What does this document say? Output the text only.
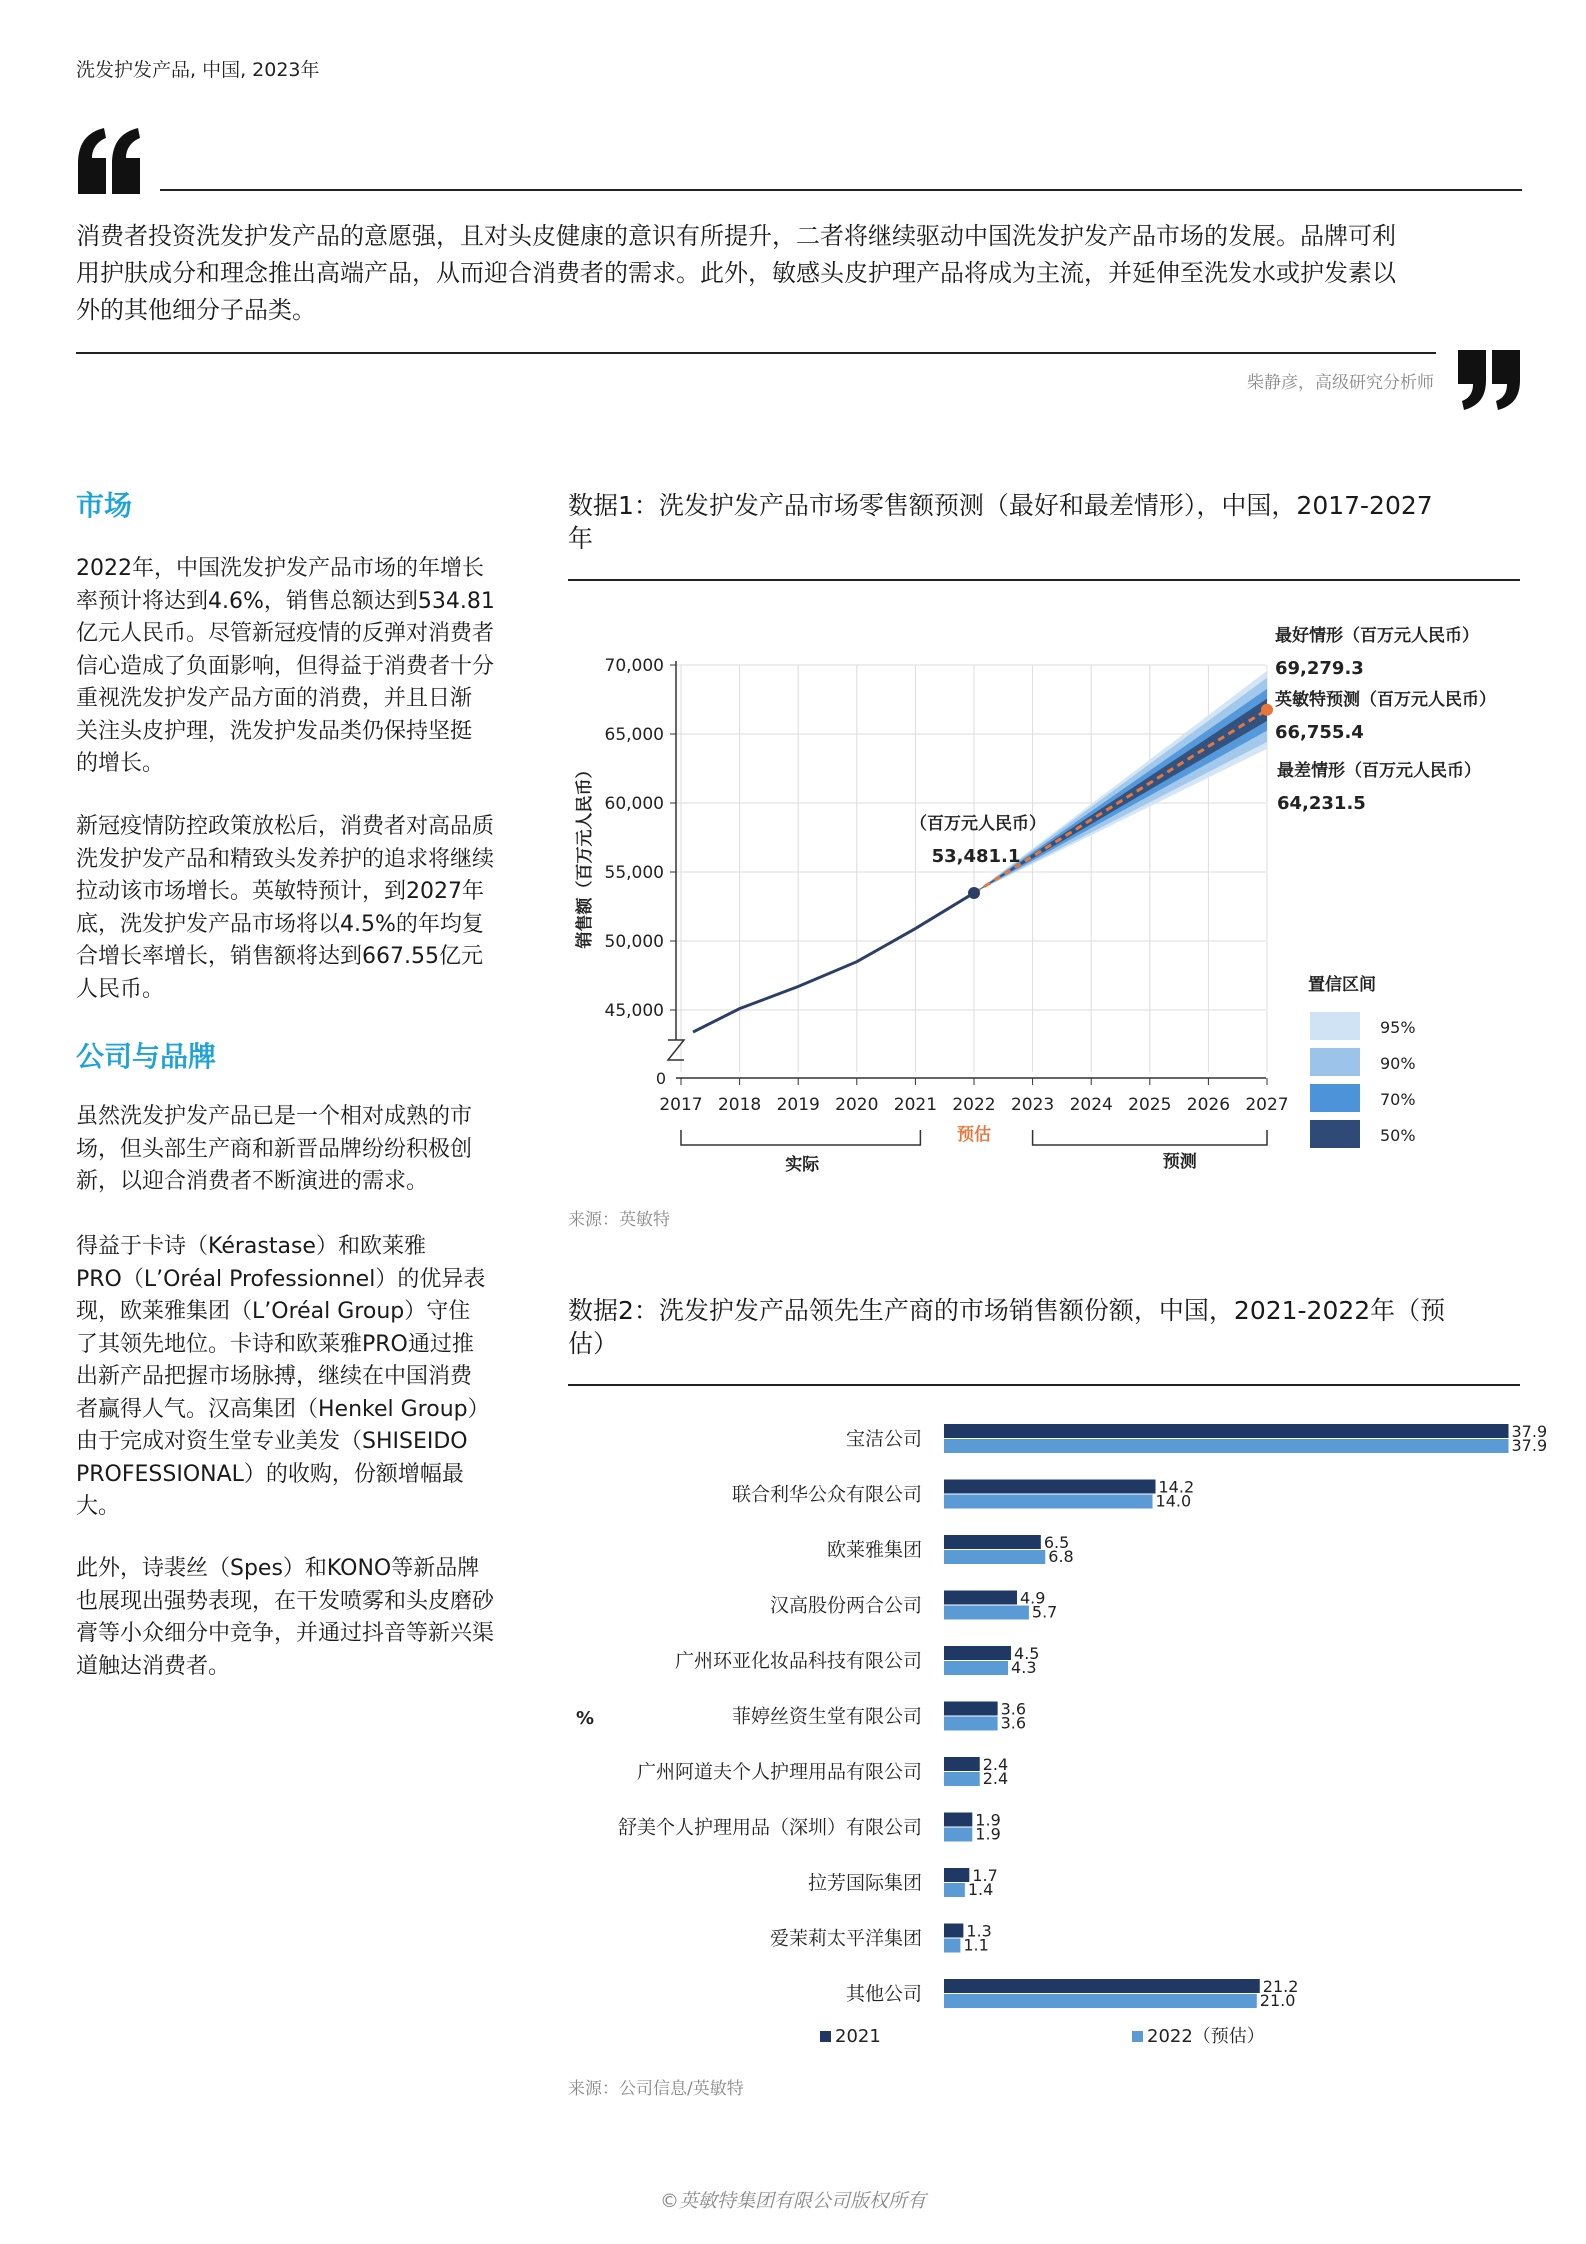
洗发护发产品, 中国, 2023年
消费者投资洗发护发产品的意愿强，且对头皮健康的意识有所提升，二者将继续驱动中国洗发护发产品市场的发展。品牌可利
用护肤成分和理念推出高端产品，从而迎合消费者的需求。此外，敏感头皮护理产品将成为主流，并延伸至洗发水或护发素以
外的其他细分子品类。
柴静彦，高级研究分析师
市场

2022年，中国洗发护发产品市场的年增长
率预计将达到4.6%，销售总额达到534.81
亿元人民币。尽管新冠疫情的反弹对消费者
信心造成了负面影响，但得益于消费者十分
重视洗发护发产品方面的消费，并且日渐
关注头皮护理，洗发护发品类仍保持坚挺
的增长。

新冠疫情防控政策放松后，消费者对高品质
洗发护发产品和精致头发养护的追求将继续
拉动该市场增长。英敏特预计，到2027年
底，洗发护发产品市场将以4.5%的年均复
合增长率增长，销售额将达到667.55亿元
人民币。

公司与品牌

虽然洗发护发产品已是一个相对成熟的市
场，但头部生产商和新晋品牌纷纷积极创
新，以迎合消费者不断演进的需求。

得益于卡诗（Kérastase）和欧莱雅
PRO（L’Oréal Professionnel）的优异表
现，欧莱雅集团（L’Oréal Group）守住
了其领先地位。卡诗和欧莱雅PRO通过推
出新产品把握市场脉搏，继续在中国消费
者赢得人气。汉高集团（Henkel Group）
由于完成对资生堂专业美发（SHISEIDO
PROFESSIONAL）的收购，份额增幅最
大。

此外，诗裴丝（Spes）和KONO等新品牌
也展现出强势表现，在干发喷雾和头皮磨砂
膏等小众细分中竞争，并通过抖音等新兴渠
道触达消费者。

数据1：洗发护发产品市场零售额预测（最好和最差情形），中国，2017-2027
年
70,000
65,000
60,000
55,000
50,000
45,000
0
2017 2018 2019 2020 2021 2022 2023 2024 2025 2026 2027
销售额（百万元人民币）	（百万元人民币）
53,481.1
最好情形（百万元人民币）
69,279.3
英敏特预测（百万元人民币）
66,755.4
最差情形（百万元人民币）
64,231.5
置信区间
95%
90%
70%
50%
实际
预估
预测
来源：英敏特
数据2：洗发护发产品领先生产商的市场销售额份额，中国，2021-2022年（预
估）
宝洁公司	37.9
37.9
联合利华公众有限公司	14.2
14.0
欧莱雅集团	6.5
6.8
汉高股份两合公司	4.9
5.7
广州环亚化妆品科技有限公司	4.5
4.3
菲婷丝资生堂有限公司	3.6
3.6
广州阿道夫个人护理用品有限公司	2.4
2.4
舒美个人护理用品（深圳）有限公司	1.9
1.9
拉芳国际集团	1.7
1.4
爱茉莉太平洋集团	1.3
1.1
其他公司	21.2
21.0
%
2021	2022（预估）
来源：公司信息/英敏特
©英敏特集团有限公司版权所有
